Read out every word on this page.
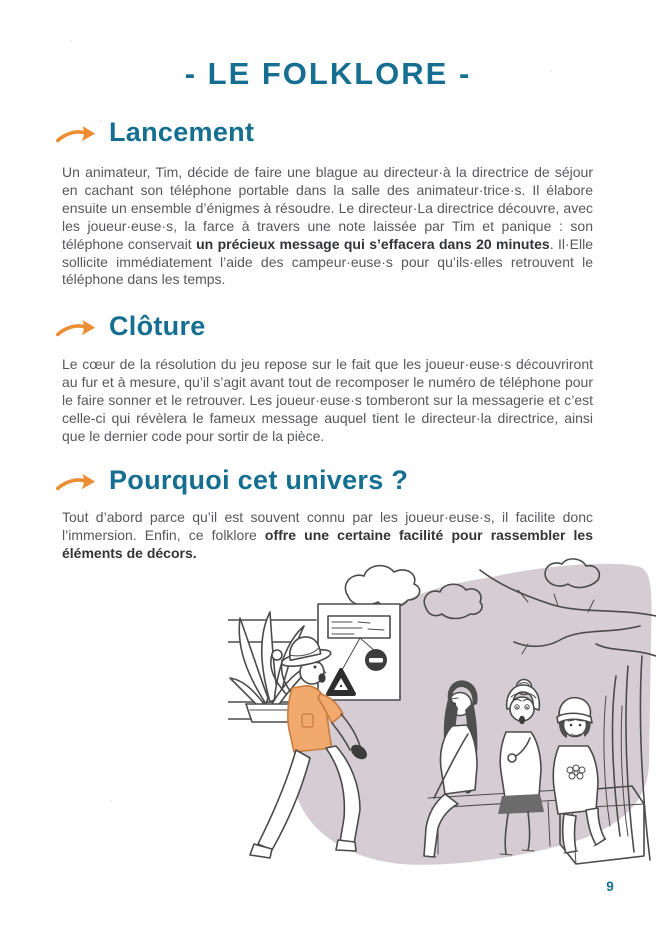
- LE FOLKLORE -
Lancement

Un animateur, Tim, décide de faire une blague au directeur·à la directrice de séjour en cachant son téléphone portable dans la salle des animateur·trice·s. Il élabore ensuite un ensemble d’énigmes à résoudre. Le directeur·La directrice découvre, avec les joueur·euse·s, la farce à travers une note laissée par Tim et panique : son téléphone conservait un précieux message qui s’effacera dans 20 minutes. Il·Elle sollicite immédiatement l’aide des campeur·euse·s pour qu’ils·elles retrouvent le téléphone dans les temps.

Clôture

Le cœur de la résolution du jeu repose sur le fait que les joueur·euse·s découvriront au fur et à mesure, qu’il s’agit avant tout de recomposer le numéro de téléphone pour le faire sonner et le retrouver. Les joueur·euse·s tomberont sur la messagerie et c’est celle-ci qui révèlera le fameux message auquel tient le directeur·la directrice, ainsi que le dernier code pour sortir de la pièce.

Pourquoi cet univers ?

Tout d’abord parce qu’il est souvent connu par les joueur·euse·s, il facilite donc l’immersion. Enfin, ce folklore offre une certaine facilité pour rassembler les éléments de décors.

9
